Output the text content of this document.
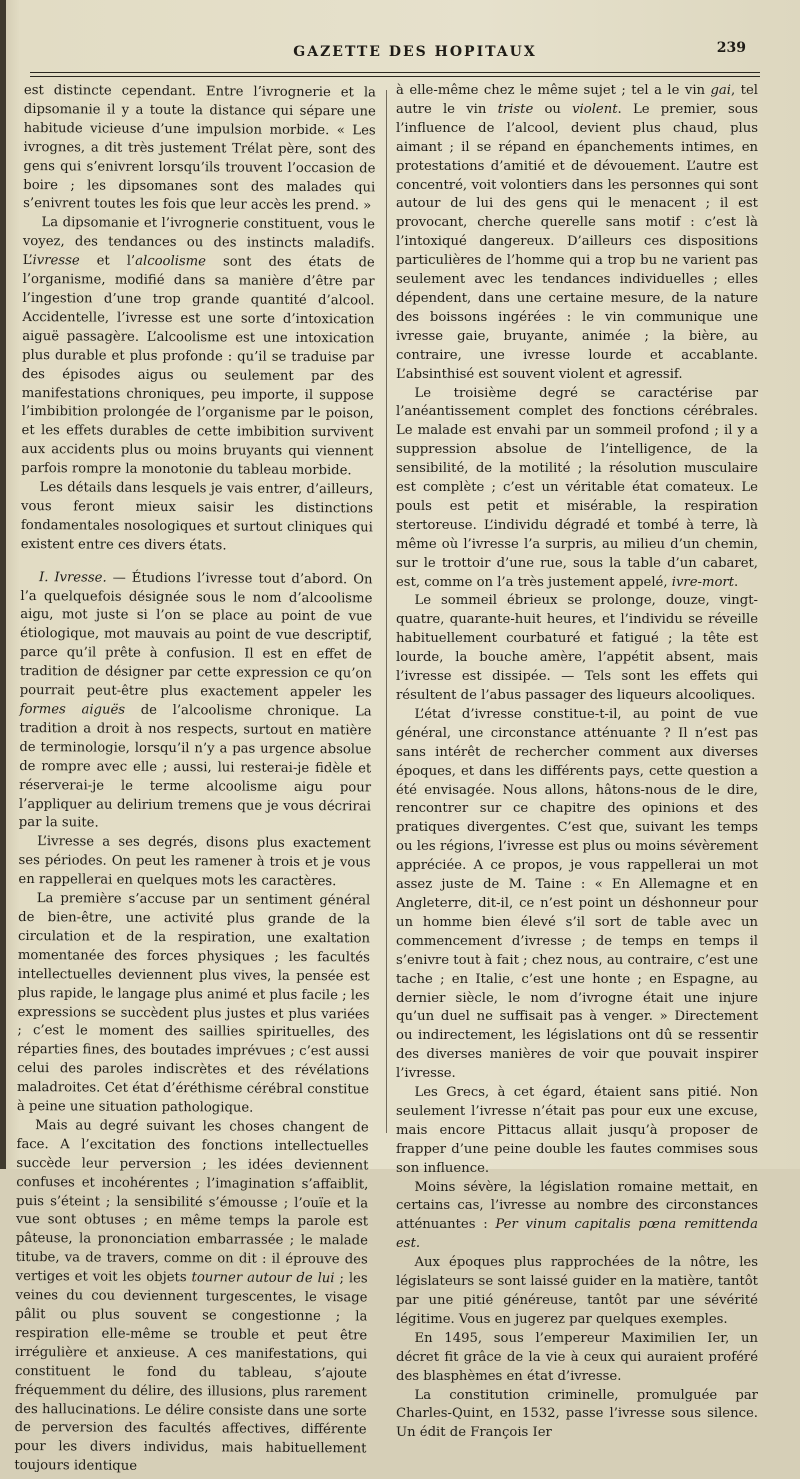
GAZETTE DES HOPITAUX	239

est distincte cependant. Entre l’ivrognerie et la dipsomanie il y a toute la distance qui sépare une habitude vicieuse d’une impulsion morbide. « Les ivrognes, a dit très justement Trélat père, sont des gens qui s’enivrent lorsqu’ils trouvent l’occasion de boire ; les dipsomanes sont des malades qui s’enivrent toutes les fois que leur accès les prend. »

La dipsomanie et l’ivrognerie constituent, vous le voyez, des tendances ou des instincts maladifs. L’ivresse et l’alcoolisme sont des états de l’organisme, modifié dans sa manière d’être par l’ingestion d’une trop grande quantité d’alcool. Accidentelle, l’ivresse est une sorte d’intoxication aiguë passagère. L’alcoolisme est une intoxication plus durable et plus profonde : qu’il se traduise par des épisodes aigus ou seulement par des manifestations chroniques, peu importe, il suppose l’imbibition prolongée de l’organisme par le poison, et les effets durables de cette imbibition survivent aux accidents plus ou moins bruyants qui viennent parfois rompre la monotonie du tableau morbide.

Les détails dans lesquels je vais entrer, d’ailleurs, vous feront mieux saisir les distinctions fondamentales nosologiques et surtout cliniques qui existent entre ces divers états.

I. Ivresse. — Étudions l’ivresse tout d’abord. On l’a quelquefois désignée sous le nom d’alcoolisme aigu, mot juste si l’on se place au point de vue étiologique, mot mauvais au point de vue descriptif, parce qu’il prête à confusion. Il est en effet de tradition de désigner par cette expression ce qu’on pourrait peut-être plus exactement appeler les formes aiguës de l’alcoolisme chronique. La tradition a droit à nos respects, surtout en matière de terminologie, lorsqu’il n’y a pas urgence absolue de rompre avec elle ; aussi, lui resterai-je fidèle et réserverai-je le terme alcoolisme aigu pour l’appliquer au delirium tremens que je vous décrirai par la suite.

L’ivresse a ses degrés, disons plus exactement ses périodes. On peut les ramener à trois et je vous en rappellerai en quelques mots les caractères.

La première s’accuse par un sentiment général de bien-être, une activité plus grande de la circulation et de la respiration, une exaltation momentanée des forces physiques ; les facultés intellectuelles deviennent plus vives, la pensée est plus rapide, le langage plus animé et plus facile ; les expressions se succèdent plus justes et plus variées ; c’est le moment des saillies spirituelles, des réparties fines, des boutades imprévues ; c’est aussi celui des paroles indiscrètes et des révélations maladroites. Cet état d’éréthisme cérébral constitue à peine une situation pathologique.

Mais au degré suivant les choses changent de face. A l’excitation des fonctions intellectuelles succède leur perversion ; les idées deviennent confuses et incohérentes ; l’imagination s’affaiblit, puis s’éteint ; la sensibilité s’émousse ; l’ouïe et la vue sont obtuses ; en même temps la parole est pâteuse, la prononciation embarrassée ; le malade titube, va de travers, comme on dit : il éprouve des vertiges et voit les objets tourner autour de lui ; les veines du cou deviennent turgescentes, le visage pâlit ou plus souvent se congestionne ; la respiration elle-même se trouble et peut être irrégulière et anxieuse. A ces manifestations, qui constituent le fond du tableau, s’ajoute fréquemment du délire, des illusions, plus rarement des hallucinations. Le délire consiste dans une sorte de perversion des facultés affectives, différente pour les divers individus, mais habituellement toujours identique

à elle-même chez le même sujet ; tel a le vin gai, tel autre le vin triste ou violent. Le premier, sous l’influence de l’alcool, devient plus chaud, plus aimant ; il se répand en épanchements intimes, en protestations d’amitié et de dévouement. L’autre est concentré, voit volontiers dans les personnes qui sont autour de lui des gens qui le menacent ; il est provocant, cherche querelle sans motif : c’est là l’intoxiqué dangereux. D’ailleurs ces dispositions particulières de l’homme qui a trop bu ne varient pas seulement avec les tendances individuelles ; elles dépendent, dans une certaine mesure, de la nature des boissons ingérées : le vin communique une ivresse gaie, bruyante, animée ; la bière, au contraire, une ivresse lourde et accablante. L’absinthisé est souvent violent et agressif.

Le troisième degré se caractérise par l’anéantissement complet des fonctions cérébrales. Le malade est envahi par un sommeil profond ; il y a suppression absolue de l’intelligence, de la sensibilité, de la motilité ; la résolution musculaire est complète ; c’est un véritable état comateux. Le pouls est petit et misérable, la respiration stertoreuse. L’individu dégradé et tombé à terre, là même où l’ivresse l’a surpris, au milieu d’un chemin, sur le trottoir d’une rue, sous la table d’un cabaret, est, comme on l’a très justement appelé, ivre-mort.

Le sommeil ébrieux se prolonge, douze, vingt-quatre, quarante-huit heures, et l’individu se réveille habituellement courbaturé et fatigué ; la tête est lourde, la bouche amère, l’appétit absent, mais l’ivresse est dissipée. — Tels sont les effets qui résultent de l’abus passager des liqueurs alcooliques.

L’état d’ivresse constitue-t-il, au point de vue général, une circonstance atténuante ? Il n’est pas sans intérêt de rechercher comment aux diverses époques, et dans les différents pays, cette question a été envisagée. Nous allons, hâtons-nous de le dire, rencontrer sur ce chapitre des opinions et des pratiques divergentes. C’est que, suivant les temps ou les régions, l’ivresse est plus ou moins sévèrement appréciée. A ce propos, je vous rappellerai un mot assez juste de M. Taine : « En Allemagne et en Angleterre, dit-il, ce n’est point un déshonneur pour un homme bien élevé s’il sort de table avec un commencement d’ivresse ; de temps en temps il s’enivre tout à fait ; chez nous, au contraire, c’est une tache ; en Italie, c’est une honte ; en Espagne, au dernier siècle, le nom d’ivrogne était une injure qu’un duel ne suffisait pas à venger. » Directement ou indirectement, les législations ont dû se ressentir des diverses manières de voir que pouvait inspirer l’ivresse.

Les Grecs, à cet égard, étaient sans pitié. Non seulement l’ivresse n’était pas pour eux une excuse, mais encore Pittacus allait jusqu’à proposer de frapper d’une peine double les fautes commises sous son influence.

Moins sévère, la législation romaine mettait, en certains cas, l’ivresse au nombre des circonstances atténuantes : Per vinum capitalis pœna remittenda est.

Aux époques plus rapprochées de la nôtre, les législateurs se sont laissé guider en la matière, tantôt par une pitié généreuse, tantôt par une sévérité légitime. Vous en jugerez par quelques exemples.

En 1495, sous l’empereur Maximilien Ier, un décret fit grâce de la vie à ceux qui auraient proféré des blasphèmes en état d’ivresse.

La constitution criminelle, promulguée par Charles-Quint, en 1532, passe l’ivresse sous silence. Un édit de François Ier
